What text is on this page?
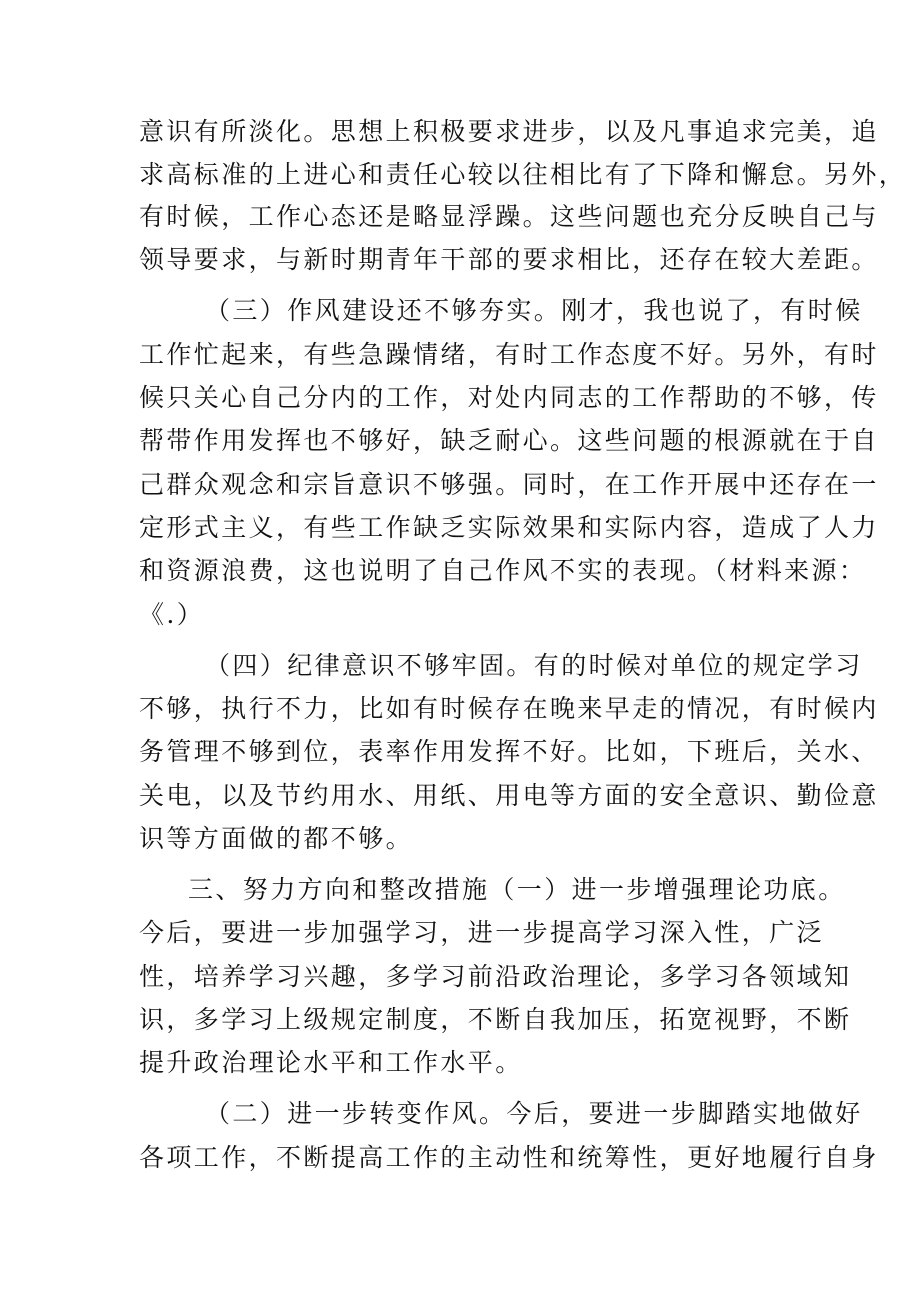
意识有所淡化。思想上积极要求进步，以及凡事追求完美，追
求高标准的上进心和责任心较以往相比有了下降和懈怠。另外，
有时候，工作心态还是略显浮躁。这些问题也充分反映自己与
领导要求，与新时期青年干部的要求相比，还存在较大差距。
（三）作风建设还不够夯实。刚才，我也说了，有时候
工作忙起来，有些急躁情绪，有时工作态度不好。另外，有时
候只关心自己分内的工作，对处内同志的工作帮助的不够，传
帮带作用发挥也不够好，缺乏耐心。这些问题的根源就在于自
己群众观念和宗旨意识不够强。同时，在工作开展中还存在一
定形式主义，有些工作缺乏实际效果和实际内容，造成了人力
和资源浪费，这也说明了自己作风不实的表现。（材料来源：
《.）
（四）纪律意识不够牢固。有的时候对单位的规定学习
不够，执行不力，比如有时候存在晚来早走的情况，有时候内
务管理不够到位，表率作用发挥不好。比如，下班后，关水、
关电，以及节约用水、用纸、用电等方面的安全意识、勤俭意
识等方面做的都不够。
三、努力方向和整改措施（一）进一步增强理论功底。
今后，要进一步加强学习，进一步提高学习深入性，广泛
性，培养学习兴趣，多学习前沿政治理论，多学习各领域知
识，多学习上级规定制度，不断自我加压，拓宽视野，不断
提升政治理论水平和工作水平。
（二）进一步转变作风。今后，要进一步脚踏实地做好
各项工作，不断提高工作的主动性和统筹性，更好地履行自身
